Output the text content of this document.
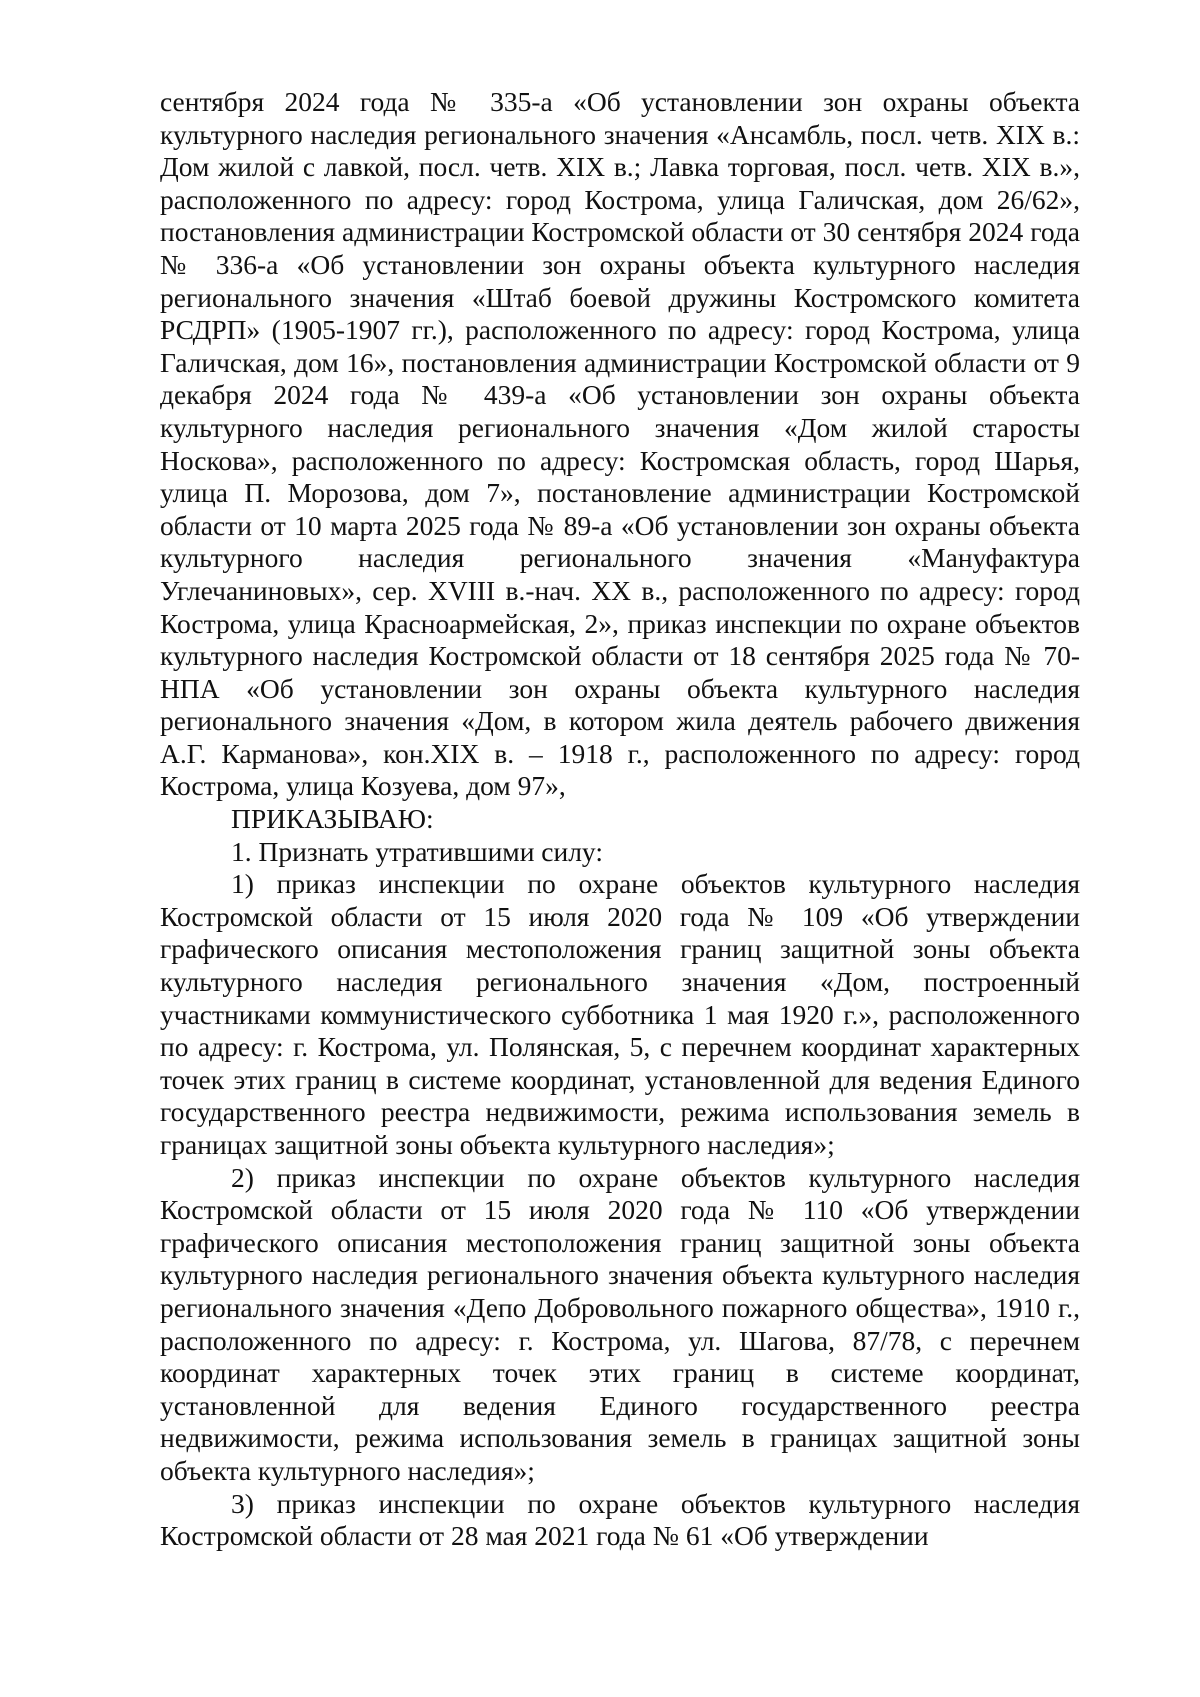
сентября 2024 года № 335-а «Об установлении зон охраны объекта культурного наследия регионального значения «Ансамбль, посл. четв. XIX в.: Дом жилой с лавкой, посл. четв. XIX в.; Лавка торговая, посл. четв. XIX в.», расположенного по адресу: город Кострома, улица Галичская, дом 26/62», постановления администрации Костромской области от 30 сентября 2024 года № 336-а «Об установлении зон охраны объекта культурного наследия регионального значения «Штаб боевой дружины Костромского комитета РСДРП» (1905-1907 гг.), расположенного по адресу: город Кострома, улица Галичская, дом 16», постановления администрации Костромской области от 9 декабря 2024 года № 439-а «Об установлении зон охраны объекта культурного наследия регионального значения «Дом жилой старосты Носкова», расположенного по адресу: Костромская область, город Шарья, улица П. Морозова, дом 7», постановление администрации Костромской области от 10 марта 2025 года № 89-а «Об установлении зон охраны объекта культурного наследия регионального значения «Мануфактура Углечаниновых», сер. XVIII в.-нач. XX в., расположенного по адресу: город Кострома, улица Красноармейская, 2», приказ инспекции по охране объектов культурного наследия Костромской области от 18 сентября 2025 года № 70-НПА «Об установлении зон охраны объекта культурного наследия регионального значения «Дом, в котором жила деятель рабочего движения А.Г. Карманова», кон.XIX в. – 1918 г., расположенного по адресу: город Кострома, улица Козуева, дом 97»,

ПРИКАЗЫВАЮ:

1. Признать утратившими силу:

1) приказ инспекции по охране объектов культурного наследия Костромской области от 15 июля 2020 года № 109 «Об утверждении графического описания местоположения границ защитной зоны объекта культурного наследия регионального значения «Дом, построенный участниками коммунистического субботника 1 мая 1920 г.», расположенного по адресу: г. Кострома, ул. Полянская, 5, с перечнем координат характерных точек этих границ в системе координат, установленной для ведения Единого государственного реестра недвижимости, режима использования земель в границах защитной зоны объекта культурного наследия»;

2) приказ инспекции по охране объектов культурного наследия Костромской области от 15 июля 2020 года № 110 «Об утверждении графического описания местоположения границ защитной зоны объекта культурного наследия регионального значения объекта культурного наследия регионального значения «Депо Добровольного пожарного общества», 1910 г., расположенного по адресу: г. Кострома, ул. Шагова, 87/78, с перечнем координат характерных точек этих границ в системе координат, установленной для ведения Единого государственного реестра недвижимости, режима использования земель в границах защитной зоны объекта культурного наследия»;

3) приказ инспекции по охране объектов культурного наследия Костромской области от 28 мая 2021 года № 61 «Об утверждении
